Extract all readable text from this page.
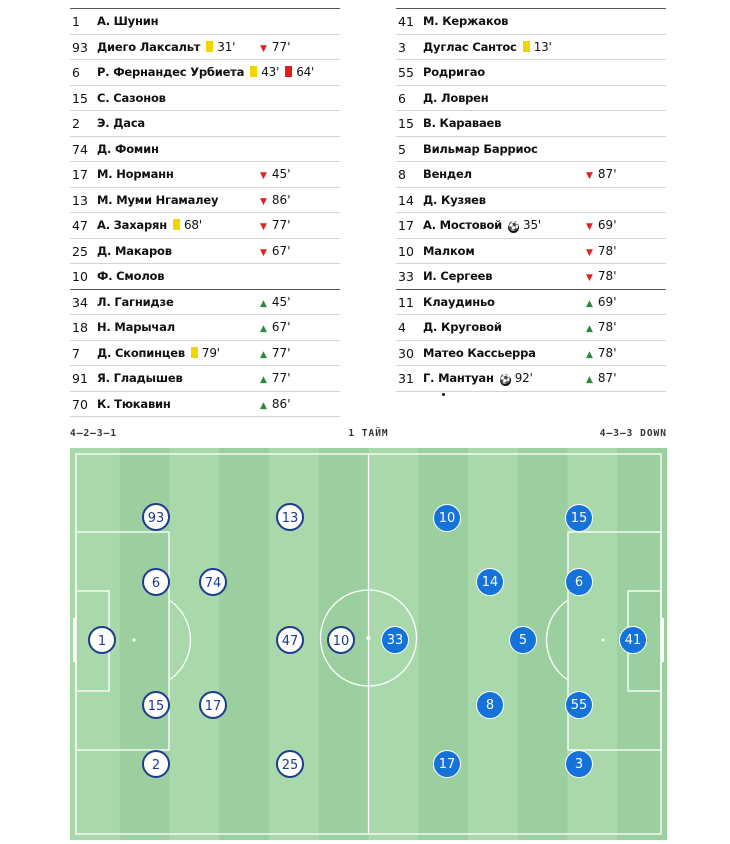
1 А. Шунин
93 Диего Лаксальт 31'	▼ 77'
6 Р. Фернандес Урбиета 43' 64'
15 С. Сазонов
2 Э. Даса
74 Д. Фомин
17 М. Норманн	▼ 45'
13 М. Муми Нгамалеу	▼ 86'
47 А. Захарян 68'	▼ 77'
25 Д. Макаров	▼ 67'
10 Ф. Смолов
34 Л. Гагнидзе	▲ 45'
18 Н. Марычал	▲ 67'
7 Д. Скопинцев 79'	▲ 77'
91 Я. Гладышев	▲ 77'
70 К. Тюкавин	▲ 86'
41 М. Кержаков
3 Дуглас Сантос 13'
55 Родригао
6 Д. Ловрен
15 В. Караваев
5 Вильмар Барриос
8 Вендел	▼ 87'
14 Д. Кузяев
17 А. Мостовой ⚽ 35'	▼ 69'
10 Малком	▼ 78'
33 И. Сергеев	▼ 78'
11 Клаудиньо	▲ 69'
4 Д. Круговой	▲ 78'
30 Матео Кассьерра	▲ 78'
31 Г. Мантуан ⚽ 92'	▲ 87'
4–2–3–1	1 ТАЙМ	4–3–3 DOWN
93	13
6	74
1	47	10
15	17
2	25
10	15
14	6
33	5	41
8	55
17	3
